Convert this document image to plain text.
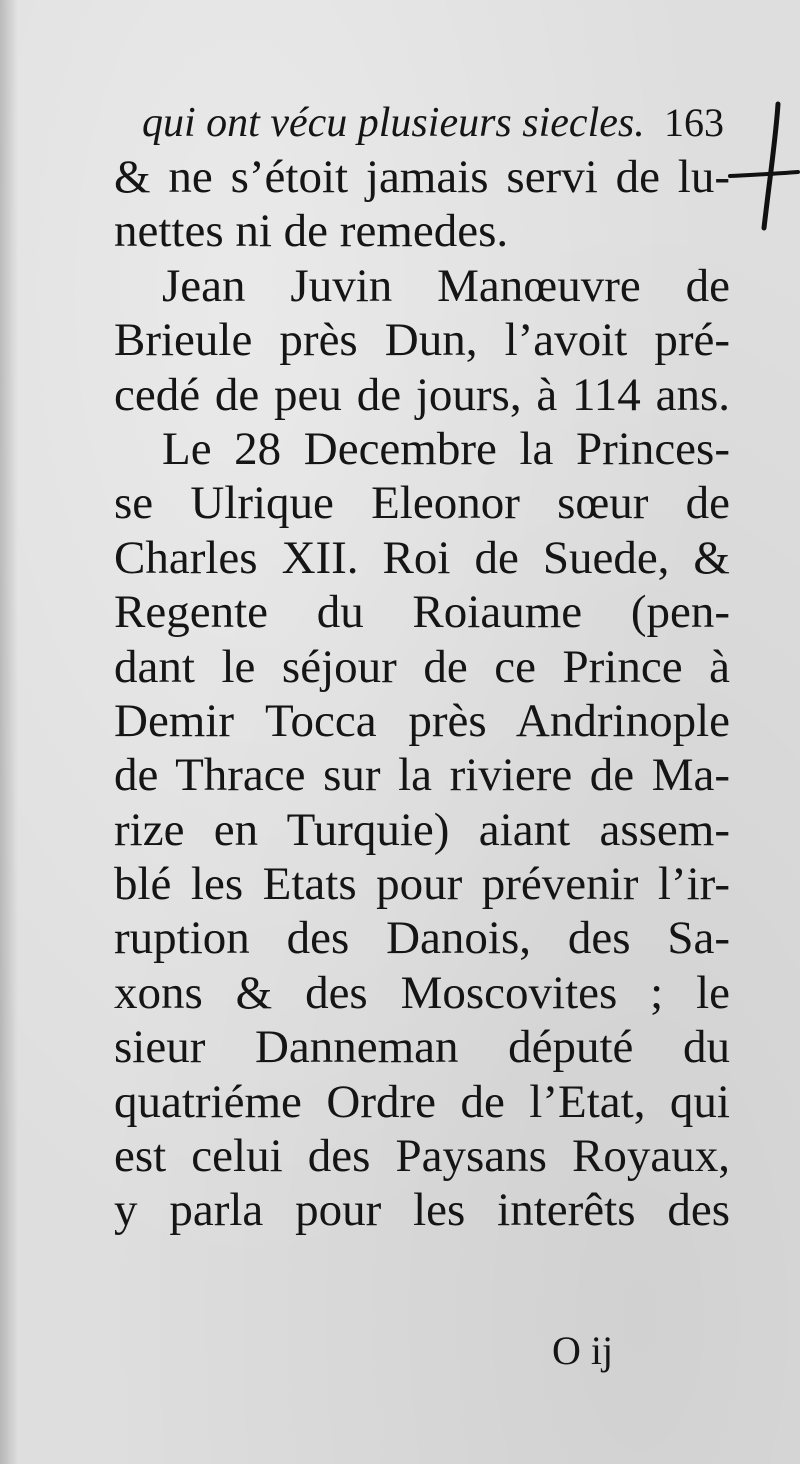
qui ont vécu plusieurs siecles. 163
& ne s’étoit jamais servi de lu-
nettes ni de remedes.
Jean Juvin Manœuvre de
Brieule près Dun, l’avoit pré-
cedé de peu de jours, à 114 ans.
Le 28 Decembre la Princes-
se Ulrique Eleonor sœur de
Charles XII. Roi de Suede, &
Regente du Roiaume (pen-
dant le séjour de ce Prince à
Demir Tocca près Andrinople
de Thrace sur la riviere de Ma-
rize en Turquie) aiant assem-
blé les Etats pour prévenir l’ir-
ruption des Danois, des Sa-
xons & des Moscovites ; le
sieur Danneman député du
quatriéme Ordre de l’Etat, qui
est celui des Paysans Royaux,
y parla pour les interêts des
O ij
